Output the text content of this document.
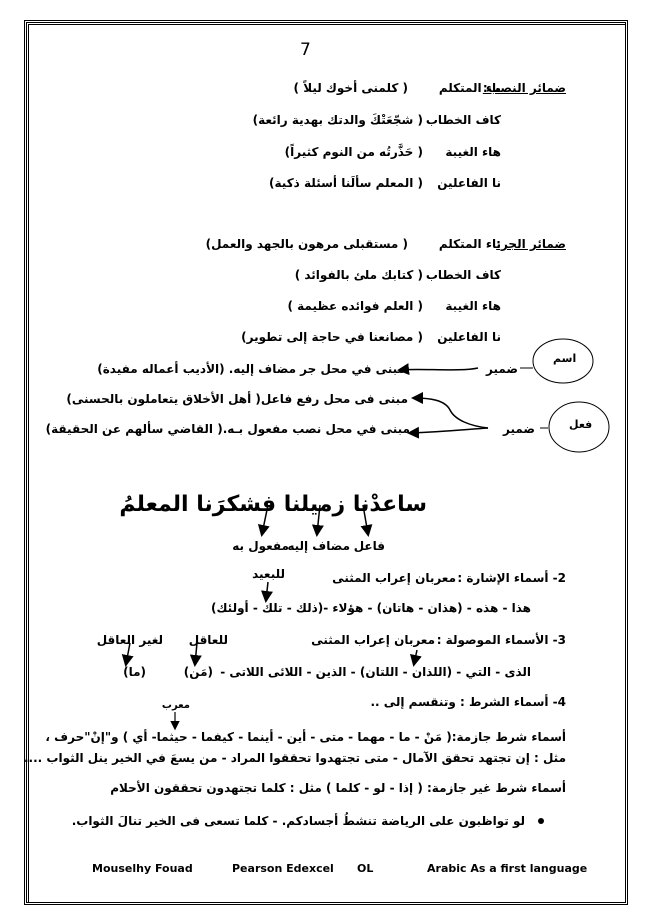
7
ضمائر النصب:
ياء المتكلم
( كلمنى أخوك ليلاً )
كاف الخطاب
( شجّعَتْكَ والدتك بهدية رائعة)
هاء الغيبة
( حَذَّرتُه من النوم كثيراً)
نا الفاعلين
( المعلم سألَنا أسئلة ذكية)
ضمائر الجر:
ياء المتكلم
( مستقبلى مرهون بالجهد والعمل)
كاف الخطاب
( كتابك ملئ بالفوائد )
هاء الغيبة
( العلم فوائده عظيمة )
نا الفاعلين
( مصانعنا في حاجة إلى تطوير)
اسم
فعل
ضمير
ضمير
مبنى في محل جر مضاف إليه. (الأديب أعماله مفيدة)
مبنى فى محل رفع فاعل( أهل الأخلاق يتعاملون بالحسنى)
مبنى في محل نصب مفعول بـه.( القاضي سألهم عن الحقيقة)
ساعدْنا زميلنا فشكرَنا المعلمُ
فاعل
مضاف إليه
مفعول به
2- أسماء الإشارة :
معربان إعراب المثنى
للبعيد
هذا - هذه - (هذان - هاتان) - هؤلاء -(ذلك - تلك - أولئك)
3- الأسماء الموصولة :
معربان إعراب المثنى
للعاقل
لغير العاقل
الذى - التي - (اللذان - اللتان) - الذين - اللائى اللاتى -
(مَن)
(ما)
4- أسماء الشرط : وتنقسم إلى ..
معرب
أسماء شرط جازمة:( مَنْ - ما - مهما - متى - أين - أينما - كيفما - حيثما- أي ) و"إنْ"حرف ،
مثل : إن تجتهد تحقق الآمال - متى تجتهدوا تحققوا المراد - من يسعَ في الخير ينل الثواب ....
أسماء شرط غير جازمة: ( إذا - لو - كلما ) مثل : كلما تجتهدون تحققون الأحلام
لو تواظبون على الرياضة تنشطُ أجسادكم. - كلما تسعى فى الخير تنالَ الثواب.
Mouselhy Fouad	Pearson Edexcel OL	Arabic As a first language
